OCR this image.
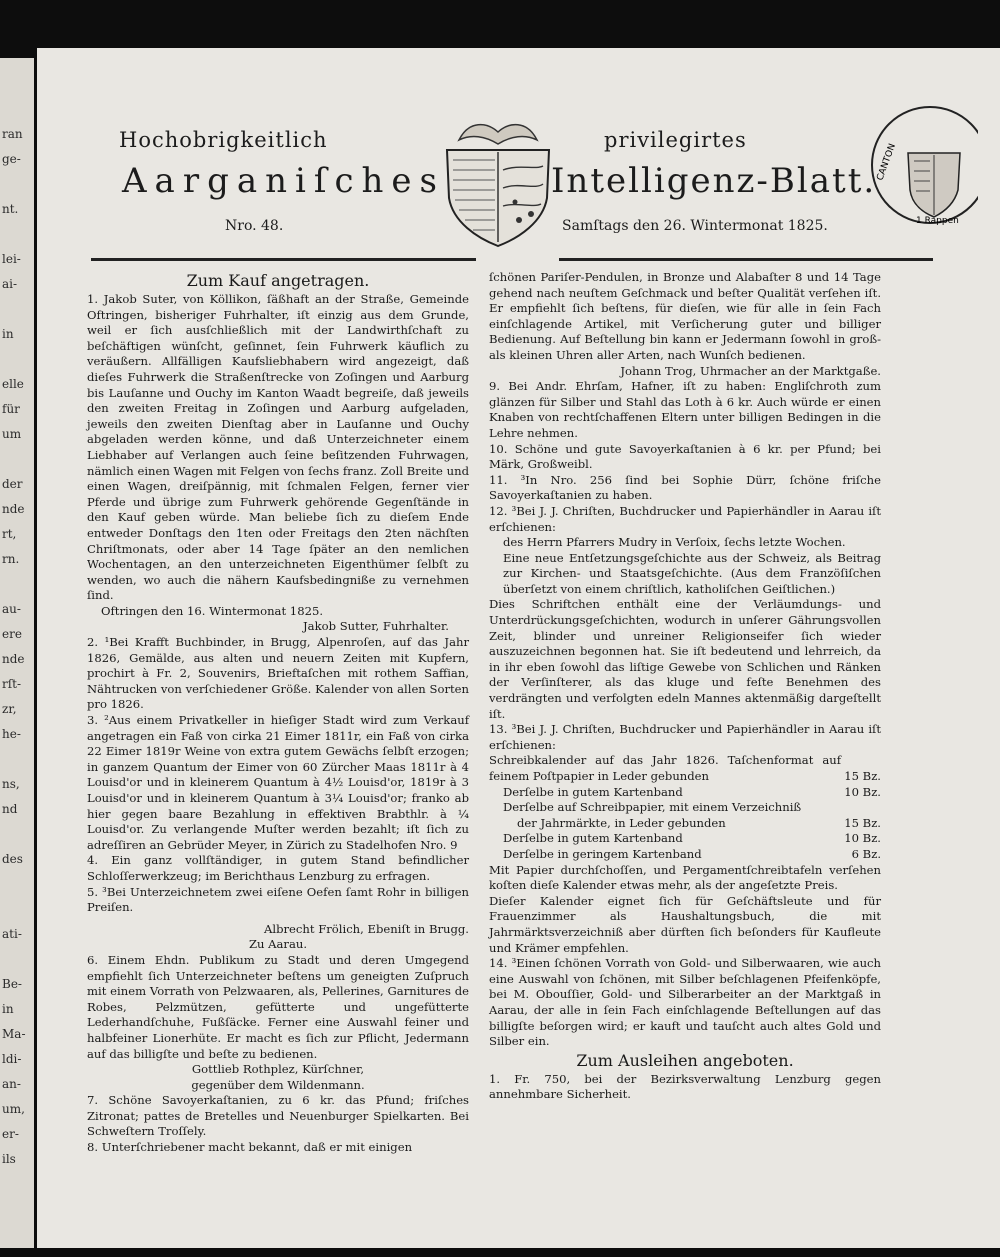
ran
ge-
nt.
lei-
ai-
in
elle
für
um
der
nde
rt,
rn.
au-
ere
nde
rſt-
zr,
he-
ns,
nd
des
ati-
Be-
in
Ma-
ldi-
an-
um,
er-
ils
Hochobrigkeitlich	privilegirtes
Aarganiſches	Intelligenz-Blatt. CANTON
1 Rappen
Nro. 48.	Samſtags den 26. Wintermonat 1825.
Zum Kauf angetragen.

1. Jakob Suter, von Köllikon, ſäßhaft an der Straße, Gemeinde Oftringen, bisheriger Fuhrhalter, iſt einzig aus dem Grunde, weil er ſich ausſchließlich mit der Landwirthſchaft zu beſchäftigen wünſcht, geſinnet, ſein Fuhrwerk käuflich zu veräußern. Allfälligen Kaufsliebhabern wird angezeigt, daß dieſes Fuhrwerk die Straßenſtrecke von Zoſingen und Aarburg bis Lauſanne und Ouchy im Kanton Waadt begreiſe, daß jeweils den zweiten Freitag in Zoſingen und Aarburg aufgeladen, jeweils den zweiten Dienſtag aber in Lauſanne und Ouchy abgeladen werden könne, und daß Unterzeichneter einem Liebhaber auf Verlangen auch ſeine beſitzenden Fuhrwagen, nämlich einen Wagen mit Felgen von ſechs franz. Zoll Breite und einen Wagen, dreiſpännig, mit ſchmalen Felgen, ferner vier Pferde und übrige zum Fuhrwerk gehörende Gegenſtände in den Kauf geben würde. Man beliebe ſich zu dieſem Ende entweder Donſtags den 1ten oder Freitags den 2ten nächſten Chriſtmonats, oder aber 14 Tage ſpäter an den nemlichen Wochentagen, an den unterzeichneten Eigenthümer ſelbſt zu wenden, wo auch die nähern Kaufsbedingniße zu vernehmen ſind.

Oftringen den 16. Wintermonat 1825.

Jakob Sutter, Fuhrhalter.

2. ¹Bei Krafft Buchbinder, in Brugg, Alpenroſen, auf das Jahr 1826, Gemälde, aus alten und neuern Zeiten mit Kupfern, prochirt à Fr. 2, Souvenirs, Brieftaſchen mit rothem Saffian, Nähtrucken von verſchiedener Größe. Kalender von allen Sorten pro 1826.

3. ²Aus einem Privatkeller in hieſiger Stadt wird zum Verkauf angetragen ein Faß von cirka 21 Eimer 1811r, ein Faß von cirka 22 Eimer 1819r Weine von extra gutem Gewächs ſelbſt erzogen; in ganzem Quantum der Eimer von 60 Zürcher Maas 1811r à 4 Louisd'or und in kleinerem Quantum à 4½ Louisd'or, 1819r à 3 Louisd'or und in kleinerem Quantum à 3¼ Louisd'or; franko ab hier gegen baare Bezahlung in effektiven Brabthlr. à ¼ Louisd'or. Zu verlangende Muſter werden bezahlt; iſt ſich zu adreſſiren an Gebrüder Meyer, in Zürich zu Stadelhofen Nro. 9

4. Ein ganz vollſtändiger, in gutem Stand befindlicher Schloſſerwerkzeug; im Berichthaus Lenzburg zu erfragen.

5. ³Bei Unterzeichnetem zwei eiſene Oefen ſamt Rohr in billigen Preiſen.

Albrecht Frölich, Ebeniſt in Brugg.

Zu Aarau.

6. Einem Ehdn. Publikum zu Stadt und deren Umgegend empfiehlt ſich Unterzeichneter beſtens um geneigten Zuſpruch mit einem Vorrath von Pelzwaaren, als, Pellerines, Garnitures de Robes, Pelzmützen, gefütterte und ungefütterte Lederhandſchuhe, Fußſäcke. Ferner eine Auswahl feiner und halbfeiner Lionerhüte. Er macht es ſich zur Pflicht, Jedermann auf das billigſte und beſte zu bedienen.

Gottlieb Rothplez, Kürſchner,

gegenüber dem Wildenmann.

7. Schöne Savoyerkaſtanien, zu 6 kr. das Pfund; friſches Zitronat; pattes de Bretelles und Neuenburger Spielkarten. Bei Schweſtern Troſſely.

8. Unterſchriebener macht bekannt, daß er mit einigen

ſchönen Pariſer-Pendulen, in Bronze und Alabaſter 8 und 14 Tage gehend nach neuſtem Geſchmack und beſter Qualität verſehen iſt. Er empfiehlt ſich beſtens, für dieſen, wie für alle in ſein Fach einſchlagende Artikel, mit Verſicherung guter und billiger Bedienung. Auf Beſtellung bin kann er Jedermann ſowohl in groß- als kleinen Uhren aller Arten, nach Wunſch bedienen.

Johann Trog, Uhrmacher an der Marktgaße.

9. Bei Andr. Ehrſam, Hafner, iſt zu haben: Engliſchroth zum glänzen für Silber und Stahl das Loth à 6 kr. Auch würde er einen Knaben von rechtſchaffenen Eltern unter billigen Bedingen in die Lehre nehmen.

10. Schöne und gute Savoyerkaſtanien à 6 kr. per Pfund; bei Märk, Großweibl.

11. ³In Nro. 256 ſind bei Sophie Dürr, ſchöne friſche Savoyerkaſtanien zu haben.

12. ³Bei J. J. Chriſten, Buchdrucker und Papierhändler in Aarau iſt erſchienen:

des Herrn Pfarrers Mudry in Verſoix, ſechs letzte Wochen.

Eine neue Entſetzungsgeſchichte aus der Schweiz, als Beitrag zur Kirchen- und Staatsgeſchichte. (Aus dem Franzöſiſchen überſetzt von einem chriſtlich, katholiſchen Geiſtlichen.)

Dies Schriftchen enthält eine der Verläumdungs- und Unterdrückungsgeſchichten, wodurch in unſerer Gährungsvollen Zeit, blinder und unreiner Religionseifer ſich wieder auszuzeichnen begonnen hat. Sie iſt bedeutend und lehrreich, da in ihr eben ſowohl das liſtige Gewebe von Schlichen und Ränken der Verſinſterer, als das kluge und feſte Benehmen des verdrängten und verfolgten edeln Mannes aktenmäßig dargeſtellt iſt.

13. ³Bei J. J. Chriſten, Buchdrucker und Papierhändler in Aarau iſt erſchienen:

Schreibkalender auf das Jahr 1826. Taſchenformat auf feinem Poſtpapier in Leder gebunden	15 Bz.
Derſelbe in gutem Kartenband	10 Bz.
Derſelbe auf Schreibpapier, mit einem Verzeichniß	
der Jahrmärkte, in Leder gebunden	15 Bz.
Derſelbe in gutem Kartenband	10 Bz.
Derſelbe in geringem Kartenband	6 Bz.

Mit Papier durchſchoſſen, und Pergamentſchreibtafeln verſehen koſten dieſe Kalender etwas mehr, als der angeſetzte Preis.

Dieſer Kalender eignet ſich für Geſchäftsleute und für Frauenzimmer als Haushaltungsbuch, die mit Jahrmärktsverzeichniß aber dürften ſich beſonders für Kaufleute und Krämer empfehlen.

14. ³Einen ſchönen Vorrath von Gold- und Silberwaaren, wie auch eine Auswahl von ſchönen, mit Silber beſchlagenen Pfeifenköpfe, bei M. Obouſſier, Gold- und Silberarbeiter an der Marktgaß in Aarau, der alle in ſein Fach einſchlagende Beſtellungen auf das billigſte beſorgen wird; er kauft und tauſcht auch altes Gold und Silber ein.

Zum Ausleihen angeboten.

1. Fr. 750, bei der Bezirksverwaltung Lenzburg gegen annehmbare Sicherheit.
